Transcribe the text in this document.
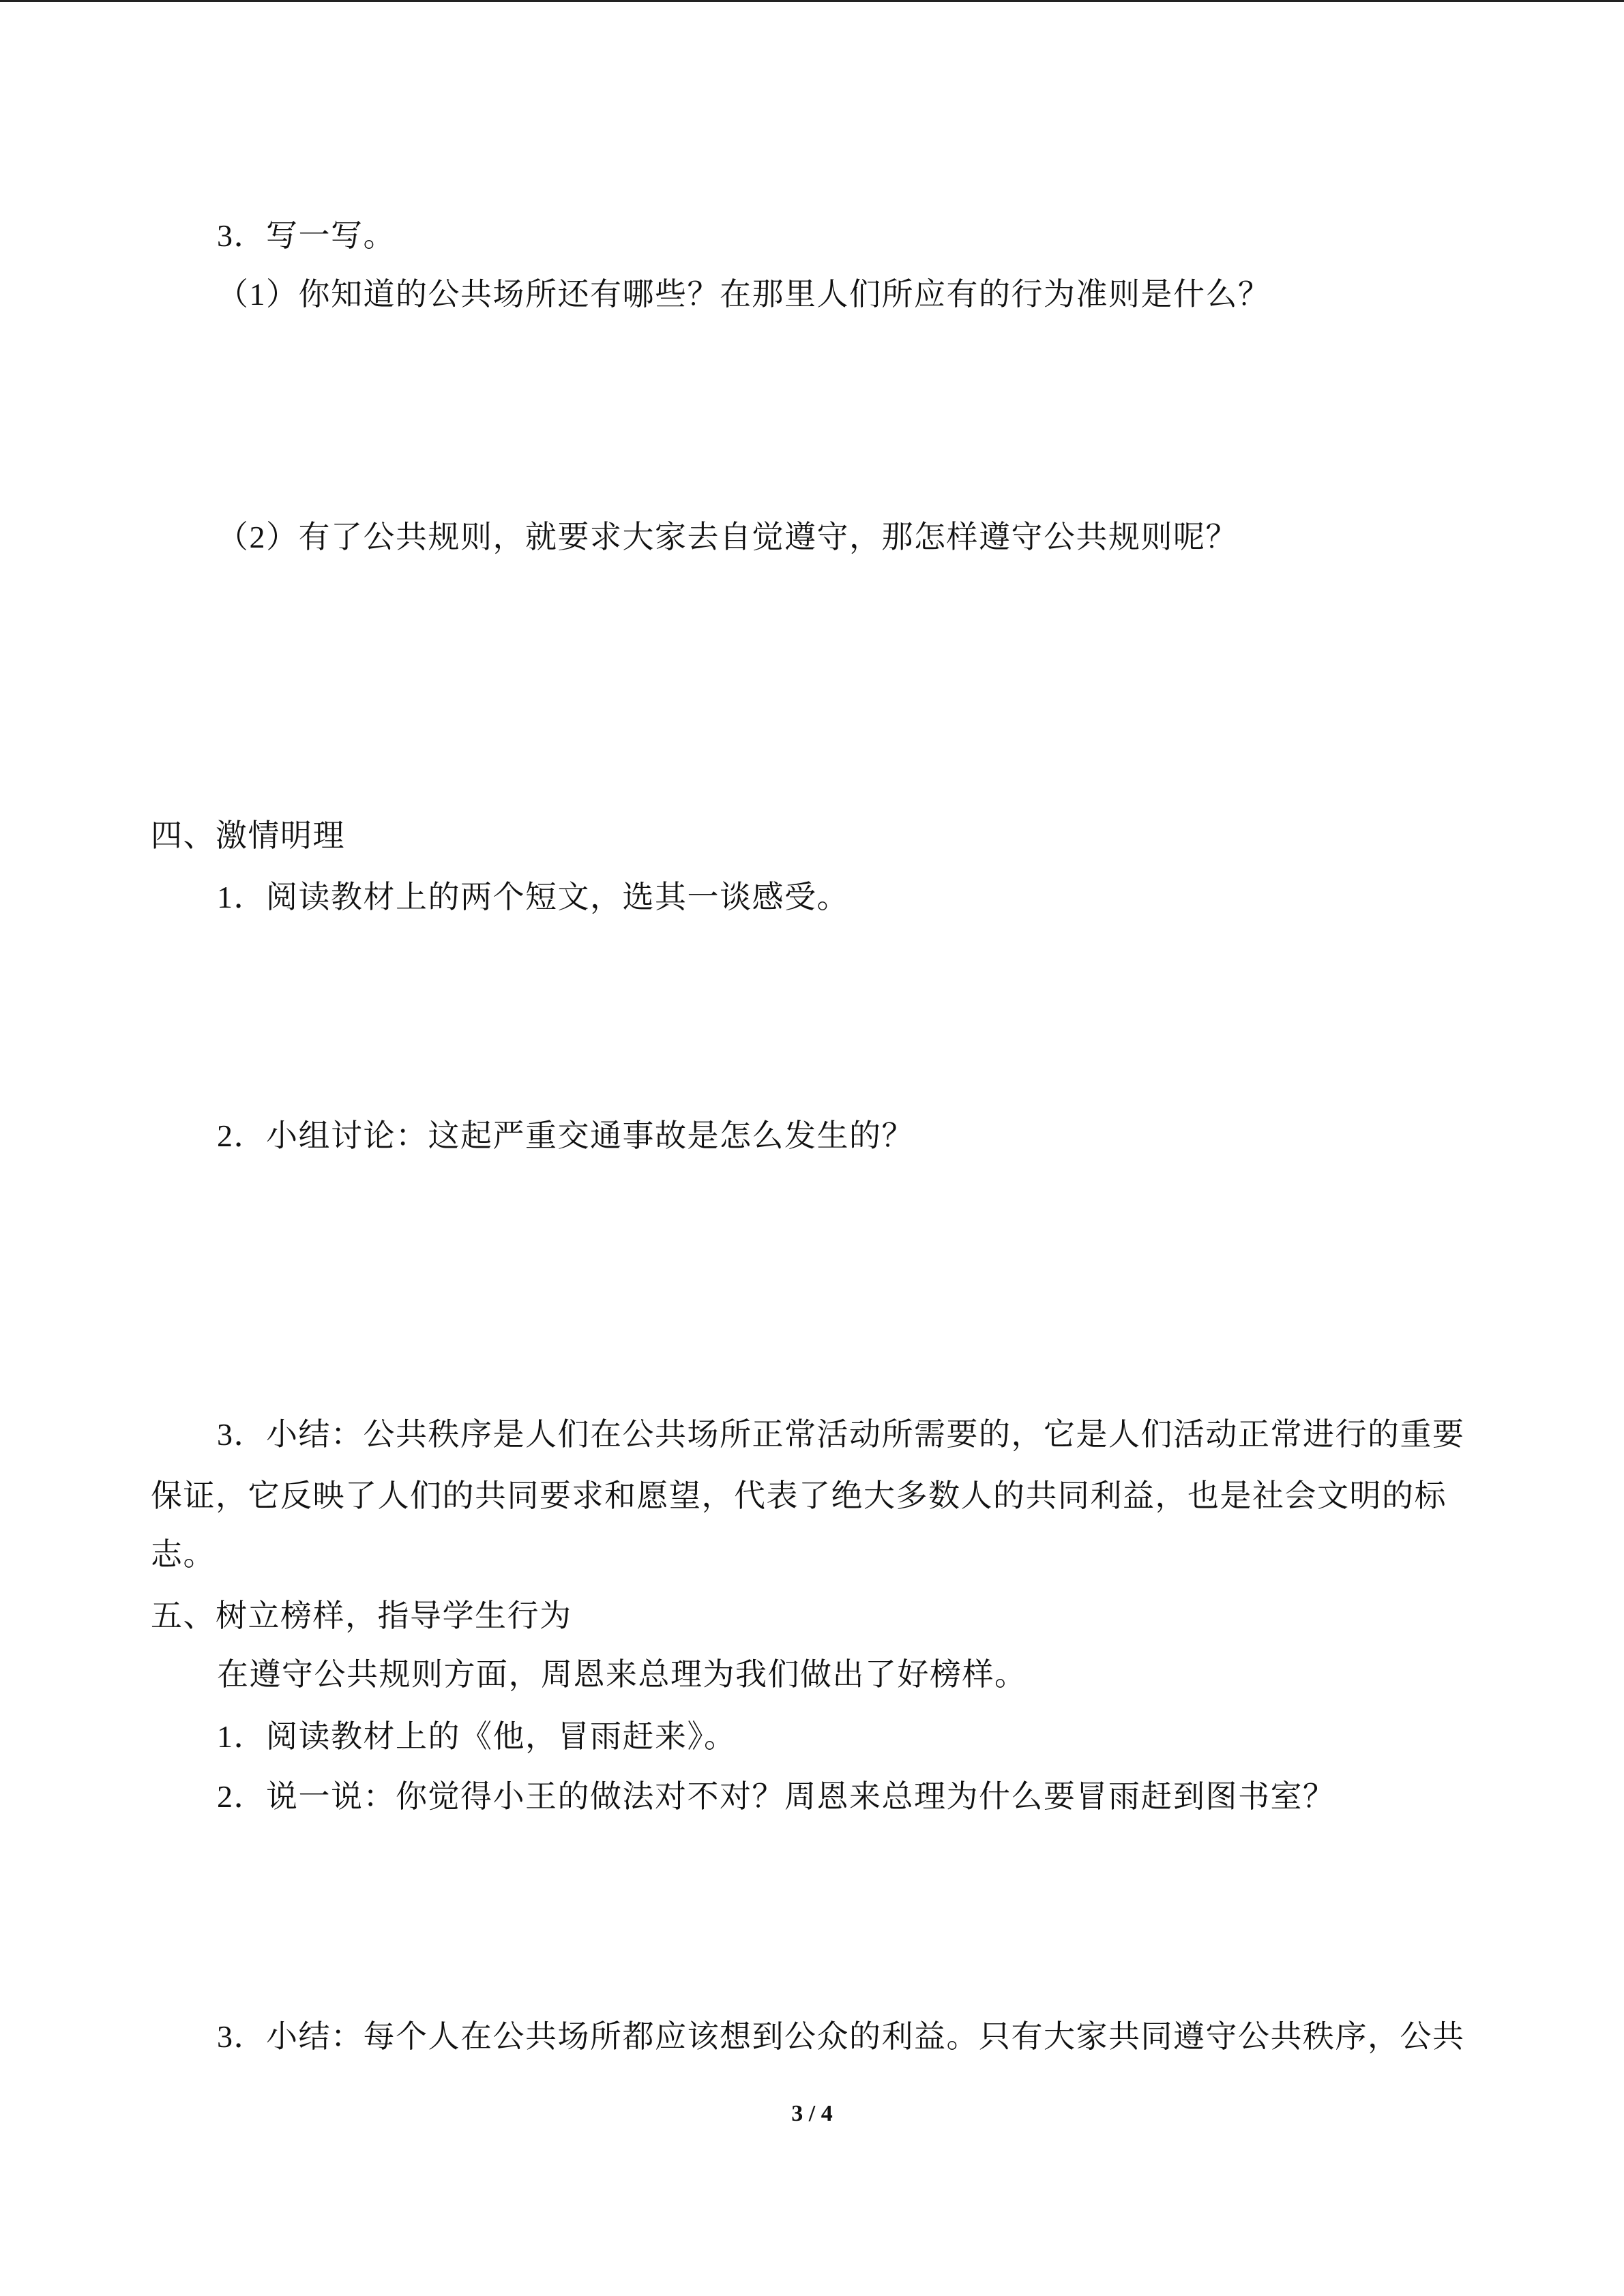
3．写一写。
（1）你知道的公共场所还有哪些？在那里人们所应有的行为准则是什么？
（2）有了公共规则，就要求大家去自觉遵守，那怎样遵守公共规则呢？
四、激情明理
1．阅读教材上的两个短文，选其一谈感受。
2．小组讨论：这起严重交通事故是怎么发生的？
3．小结：公共秩序是人们在公共场所正常活动所需要的，它是人们活动正常进行的重要
保证，它反映了人们的共同要求和愿望，代表了绝大多数人的共同利益，也是社会文明的标
志。
五、树立榜样，指导学生行为
在遵守公共规则方面，周恩来总理为我们做出了好榜样。
1．阅读教材上的《他，冒雨赶来》。
2．说一说：你觉得小王的做法对不对？周恩来总理为什么要冒雨赶到图书室？
3．小结：每个人在公共场所都应该想到公众的利益。只有大家共同遵守公共秩序，公共
3 / 4
